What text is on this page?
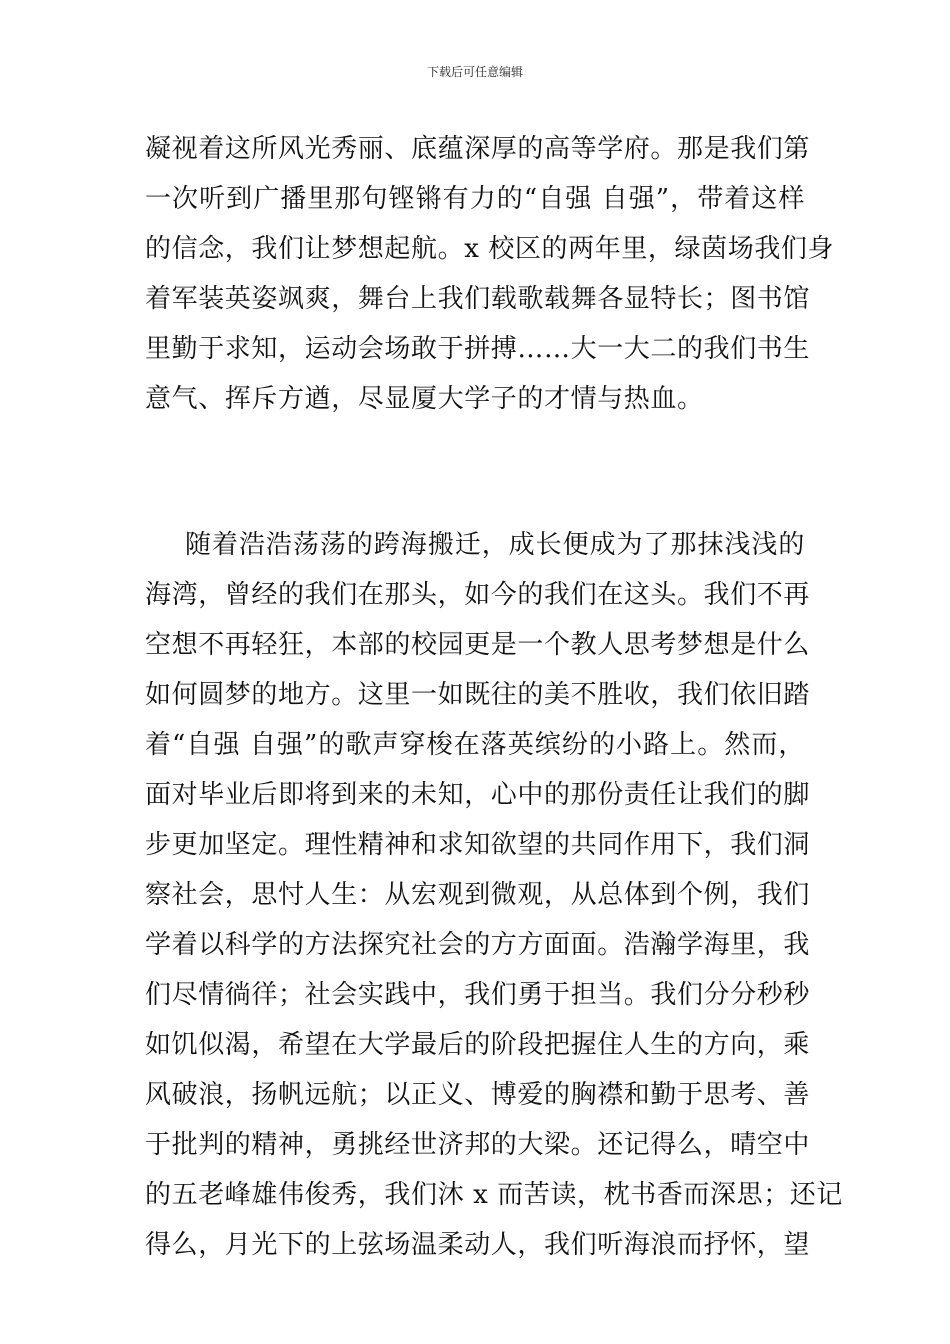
下载后可任意编辑
凝视着这所风光秀丽、底蕴深厚的高等学府。那是我们第
一次听到广播里那句铿锵有力的“自强 自强”，带着这样
的信念，我们让梦想起航。x 校区的两年里，绿茵场我们身
着军装英姿飒爽，舞台上我们载歌载舞各显特长；图书馆
里勤于求知，运动会场敢于拼搏……大一大二的我们书生
意气、挥斥方遒，尽显厦大学子的才情与热血。
随着浩浩荡荡的跨海搬迁，成长便成为了那抹浅浅的
海湾，曾经的我们在那头，如今的我们在这头。我们不再
空想不再轻狂，本部的校园更是一个教人思考梦想是什么
如何圆梦的地方。这里一如既往的美不胜收，我们依旧踏
着“自强 自强”的歌声穿梭在落英缤纷的小路上。然而，
面对毕业后即将到来的未知，心中的那份责任让我们的脚
步更加坚定。理性精神和求知欲望的共同作用下，我们洞
察社会，思忖人生：从宏观到微观，从总体到个例，我们
学着以科学的方法探究社会的方方面面。浩瀚学海里，我
们尽情徜徉；社会实践中，我们勇于担当。我们分分秒秒
如饥似渴，希望在大学最后的阶段把握住人生的方向，乘
风破浪，扬帆远航；以正义、博爱的胸襟和勤于思考、善
于批判的精神，勇挑经世济邦的大梁。还记得么，晴空中
的五老峰雄伟俊秀，我们沐 x 而苦读，枕书香而深思；还记
得么，月光下的上弦场温柔动人，我们听海浪而抒怀，望
